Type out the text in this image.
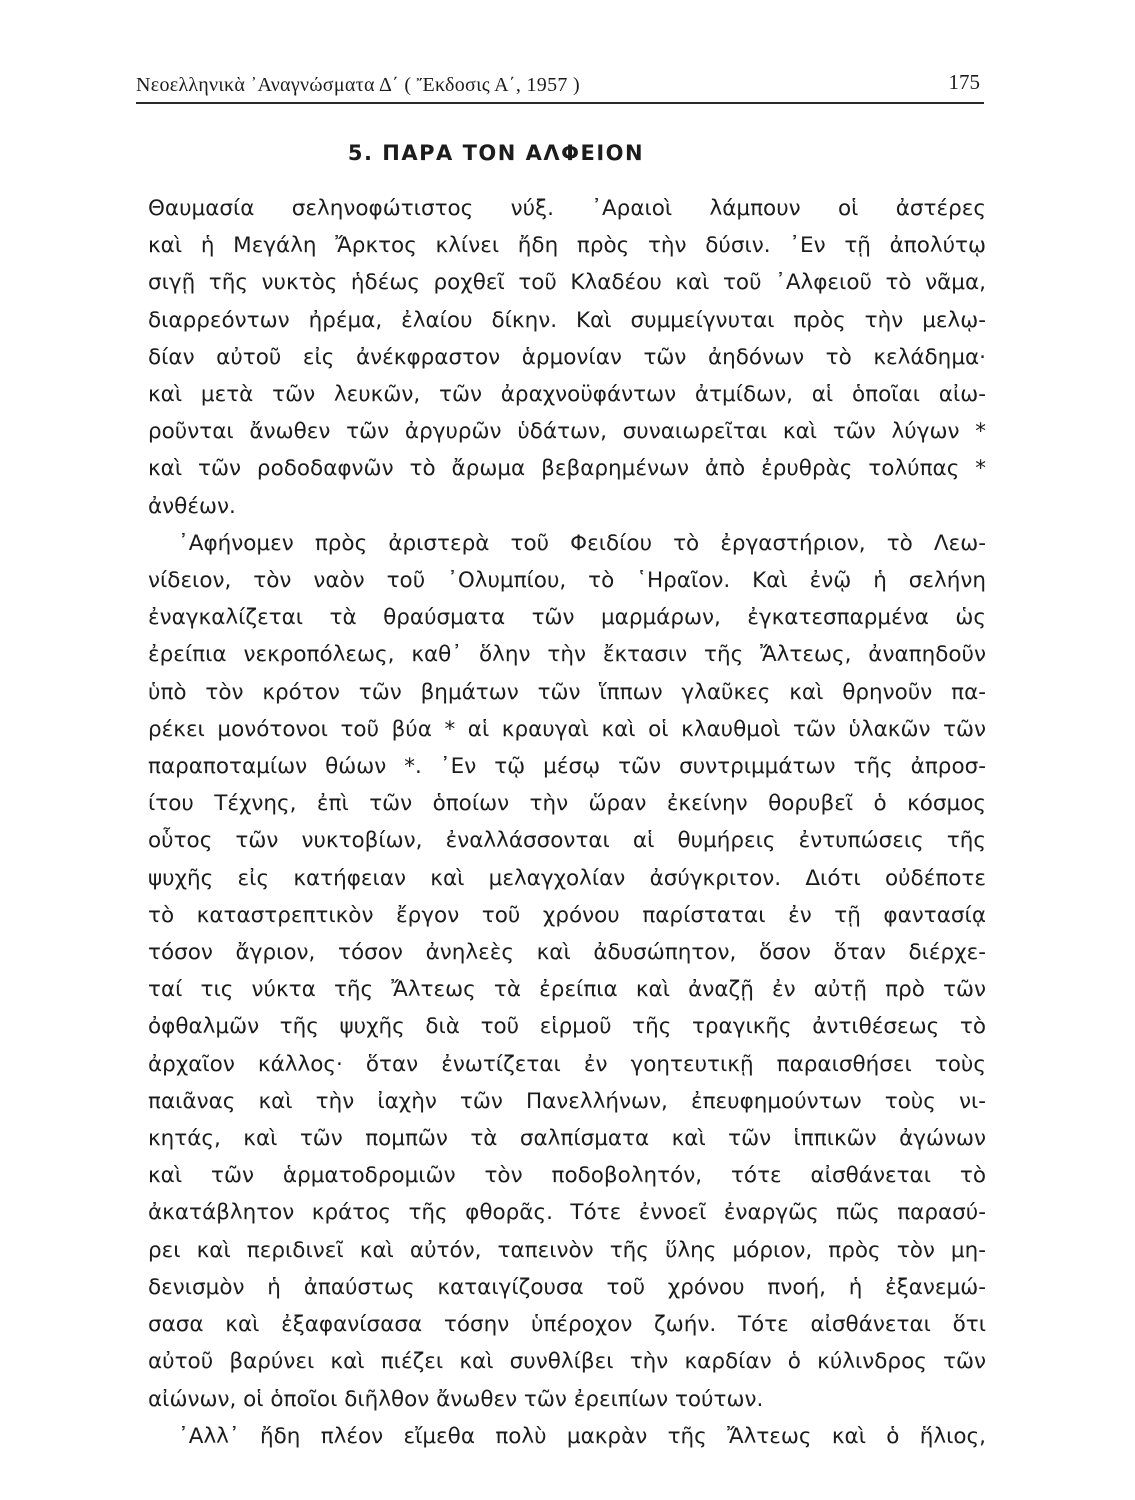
Νεοελληνικὰ ᾿Αναγνώσματα Δ΄ ( Ἔκδοσις Α΄, 1957 )	175
5. ΠΑΡΑ ΤΟΝ ΑΛΦΕΙΟΝ
Θαυμασία σεληνοφώτιστος νύξ. ᾿Αραιοὶ λάμπουν οἱ ἀστέρες
καὶ ἡ Μεγάλη Ἄρκτος κλίνει ἤδη πρὸς τὴν δύσιν. ᾿Εν τῇ ἀπολύτῳ
σιγῇ τῆς νυκτὸς ἡδέως ροχθεῖ τοῦ Κλαδέου καὶ τοῦ ᾿Αλφειοῦ τὸ νᾶμα,
διαρρεόντων ἠρέμα, ἐλαίου δίκην. Καὶ συμμείγνυται πρὸς τὴν μελῳ-
δίαν αὐτοῦ εἰς ἀνέκφραστον ἁρμονίαν τῶν ἀηδόνων τὸ κελάδημα·
καὶ μετὰ τῶν λευκῶν, τῶν ἀραχνοϋφάντων ἀτμίδων, αἱ ὁποῖαι αἰω-
ροῦνται ἄνωθεν τῶν ἀργυρῶν ὑδάτων, συναιωρεῖται καὶ τῶν λύγων *
καὶ τῶν ροδοδαφνῶν τὸ ἄρωμα βεβαρημένων ἀπὸ ἐρυθρὰς τολύπας *
ἀνθέων.
᾿Αφήνομεν πρὸς ἀριστερὰ τοῦ Φειδίου τὸ ἐργαστήριον, τὸ Λεω-
νίδειον, τὸν ναὸν τοῦ ᾿Ολυμπίου, τὸ ῾Ηραῖον. Καὶ ἐνῷ ἡ σελήνη
ἐναγκαλίζεται τὰ θραύσματα τῶν μαρμάρων, ἐγκατεσπαρμένα ὡς
ἐρείπια νεκροπόλεως, καθ᾿ ὅλην τὴν ἔκτασιν τῆς Ἄλτεως, ἀναπηδοῦν
ὑπὸ τὸν κρότον τῶν βημάτων τῶν ἵππων γλαῦκες καὶ θρηνοῦν πα-
ρέκει μονότονοι τοῦ βύα * αἱ κραυγαὶ καὶ οἱ κλαυθμοὶ τῶν ὑλακῶν τῶν
παραποταμίων θώων *. ᾿Εν τῷ μέσῳ τῶν συντριμμάτων τῆς ἀπροσ-
ίτου Τέχνης, ἐπὶ τῶν ὁποίων τὴν ὥραν ἐκείνην θορυβεῖ ὁ κόσμος
οὗτος τῶν νυκτοβίων, ἐναλλάσσονται αἱ θυμήρεις ἐντυπώσεις τῆς
ψυχῆς εἰς κατήφειαν καὶ μελαγχολίαν ἀσύγκριτον. Διότι οὐδέποτε
τὸ καταστρεπτικὸν ἔργον τοῦ χρόνου παρίσταται ἐν τῇ φαντασίᾳ
τόσον ἄγριον, τόσον ἀνηλεὲς καὶ ἀδυσώπητον, ὅσον ὅταν διέρχε-
ταί τις νύκτα τῆς Ἄλτεως τὰ ἐρείπια καὶ ἀναζῇ ἐν αὐτῇ πρὸ τῶν
ὀφθαλμῶν τῆς ψυχῆς διὰ τοῦ εἱρμοῦ τῆς τραγικῆς ἀντιθέσεως τὸ
ἀρχαῖον κάλλος· ὅταν ἐνωτίζεται ἐν γοητευτικῇ παραισθήσει τοὺς
παιᾶνας καὶ τὴν ἰαχὴν τῶν Πανελλήνων, ἐπευφημούντων τοὺς νι-
κητάς, καὶ τῶν πομπῶν τὰ σαλπίσματα καὶ τῶν ἱππικῶν ἀγώνων
καὶ τῶν ἁρματοδρομιῶν τὸν ποδοβολητόν, τότε αἰσθάνεται τὸ
ἀκατάβλητον κράτος τῆς φθορᾶς. Τότε ἐννοεῖ ἐναργῶς πῶς παρασύ-
ρει καὶ περιδινεῖ καὶ αὐτόν, ταπεινὸν τῆς ὕλης μόριον, πρὸς τὸν μη-
δενισμὸν ἡ ἀπαύστως καταιγίζουσα τοῦ χρόνου πνοή, ἡ ἐξανεμώ-
σασα καὶ ἐξαφανίσασα τόσην ὑπέροχον ζωήν. Τότε αἰσθάνεται ὅτι
αὐτοῦ βαρύνει καὶ πιέζει καὶ συνθλίβει τὴν καρδίαν ὁ κύλινδρος τῶν
αἰώνων, οἱ ὁποῖοι διῆλθον ἄνωθεν τῶν ἐρειπίων τούτων.
᾿Αλλ᾿ ἤδη πλέον εἴμεθα πολὺ μακρὰν τῆς Ἄλτεως καὶ ὁ ἥλιος,
